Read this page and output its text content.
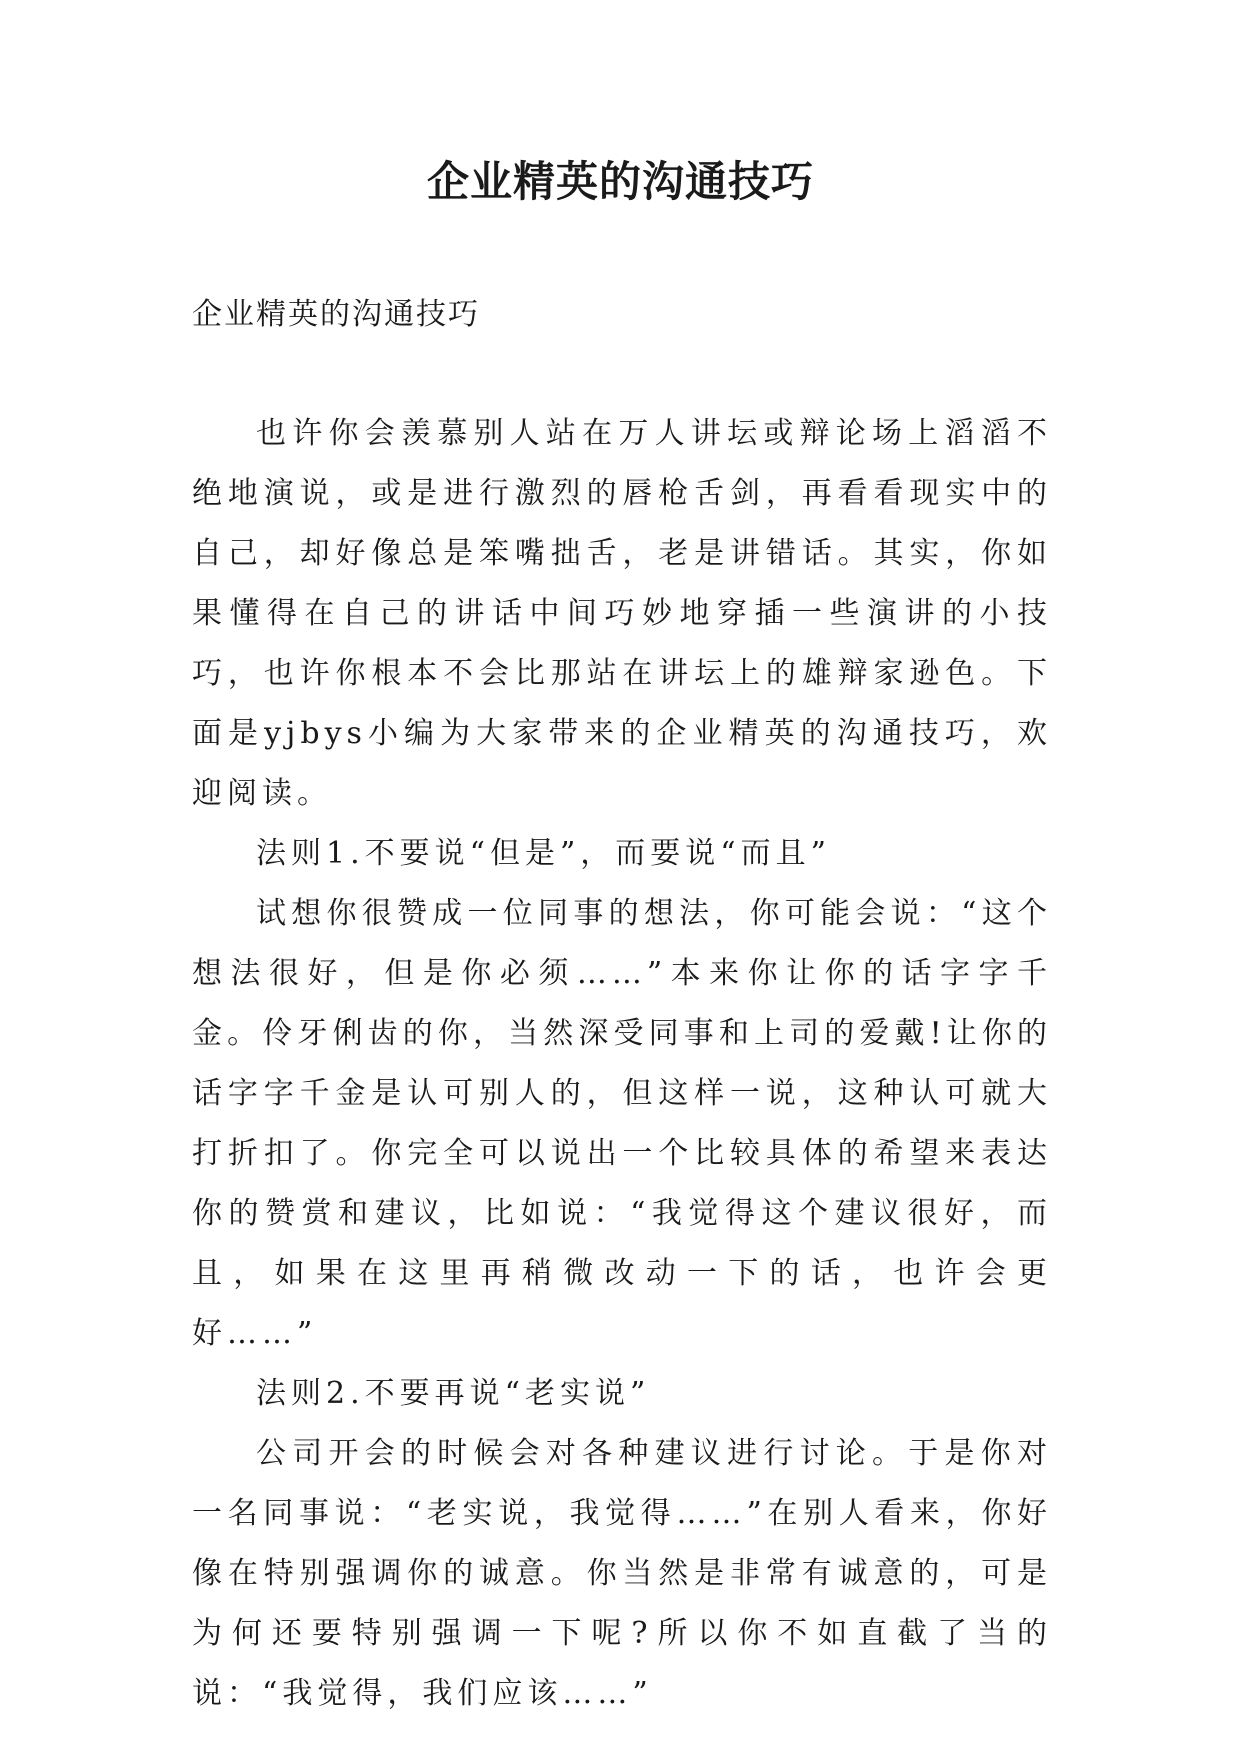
企业精英的沟通技巧

企业精英的沟通技巧

也许你会羡慕别人站在万人讲坛或辩论场上滔滔不绝地演说，或是进行激烈的唇枪舌剑，再看看现实中的自己，却好像总是笨嘴拙舌，老是讲错话。其实，你如果懂得在自己的讲话中间巧妙地穿插一些演讲的小技巧，也许你根本不会比那站在讲坛上的雄辩家逊色。下面是yjbys小编为大家带来的企业精英的沟通技巧，欢迎阅读。

法则1.不要说“但是”，而要说“而且”

试想你很赞成一位同事的想法，你可能会说：“这个想法很好，但是你必须……”本来你让你的话字字千金。伶牙俐齿的你，当然深受同事和上司的爱戴!让你的话字字千金是认可别人的，但这样一说，这种认可就大打折扣了。你完全可以说出一个比较具体的希望来表达你的赞赏和建议，比如说：“我觉得这个建议很好，而且，如果在这里再稍微改动一下的话，也许会更好……”

法则2.不要再说“老实说”

公司开会的时候会对各种建议进行讨论。于是你对一名同事说：“老实说，我觉得……”在别人看来，你好像在特别强调你的诚意。你当然是非常有诚意的，可是为何还要特别强调一下呢?所以你不如直截了当的说：“我觉得，我们应该……”
